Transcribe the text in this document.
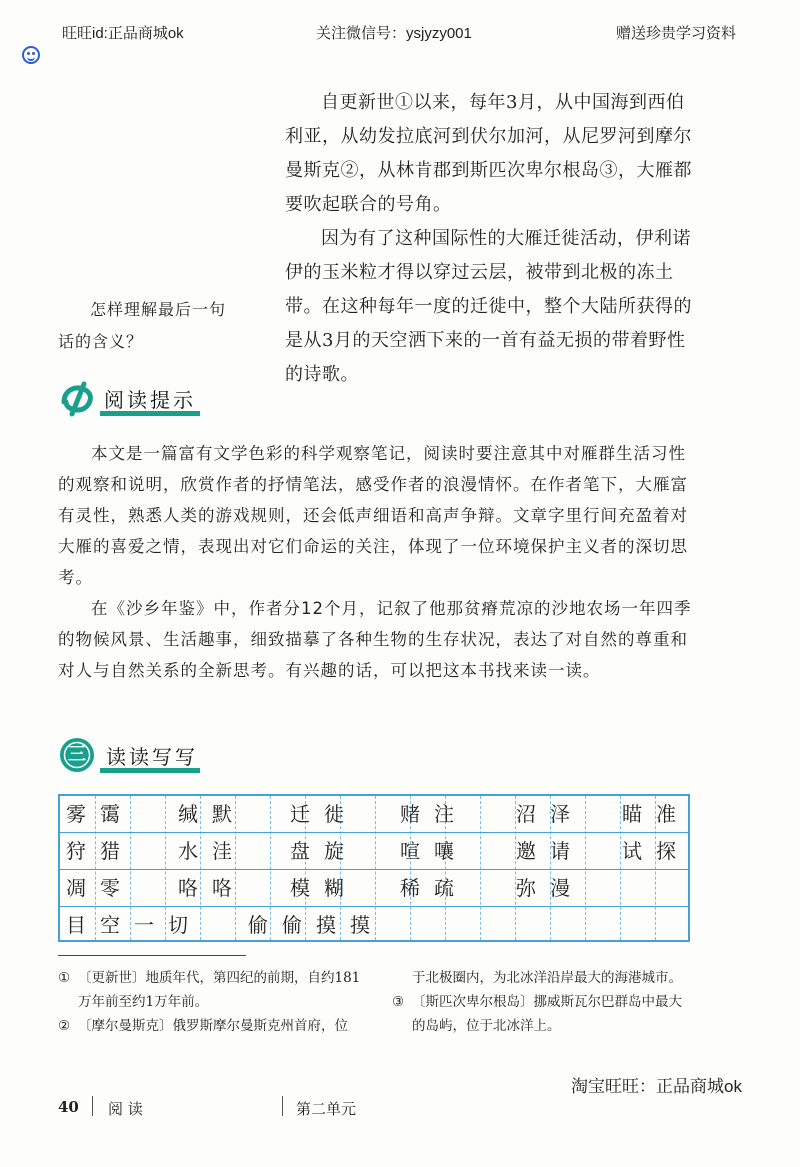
旺旺id:正品商城ok	关注微信号：ysjyzy001	赠送珍贵学习资料

自更新世①以来，每年3月，从中国海到西伯利亚，从幼发拉底河到伏尔加河，从尼罗河到摩尔曼斯克②，从林肯郡到斯匹次卑尔根岛③，大雁都要吹起联合的号角。

因为有了这种国际性的大雁迁徙活动，伊利诺伊的玉米粒才得以穿过云层，被带到北极的冻土带。在这种每年一度的迁徙中，整个大陆所获得的是从3月的天空洒下来的一首有益无损的带着野性的诗歌。

怎样理解最后一句
话的含义？
阅读提示

本文是一篇富有文学色彩的科学观察笔记，阅读时要注意其中对雁群生活习性的观察和说明，欣赏作者的抒情笔法，感受作者的浪漫情怀。在作者笔下，大雁富有灵性，熟悉人类的游戏规则，还会低声细语和高声争辩。文章字里行间充盈着对大雁的喜爱之情，表现出对它们命运的关注，体现了一位环境保护主义者的深切思考。

在《沙乡年鉴》中，作者分12个月，记叙了他那贫瘠荒凉的沙地农场一年四季的物候风景、生活趣事，细致描摹了各种生物的生存状况，表达了对自然的尊重和对人与自然关系的全新思考。有兴趣的话，可以把这本书找来读一读。

三	读读写写
雾霭 缄默 迁徙 赌注 沼泽 瞄准
狩猎 水洼 盘旋 喧嚷 邀请 试探
凋零 咯咯 模糊 稀疏 弥漫
目空一切 偷偷摸摸
① 〔更新世〕地质年代，第四纪的前期，自约181
万年前至约1万年前。
② 〔摩尔曼斯克〕俄罗斯摩尔曼斯克州首府，位
于北极圈内，为北冰洋沿岸最大的海港城市。
③ 〔斯匹次卑尔根岛〕挪威斯瓦尔巴群岛中最大
的岛屿，位于北冰洋上。
淘宝旺旺：正品商城ok
40 阅 读	第二单元
